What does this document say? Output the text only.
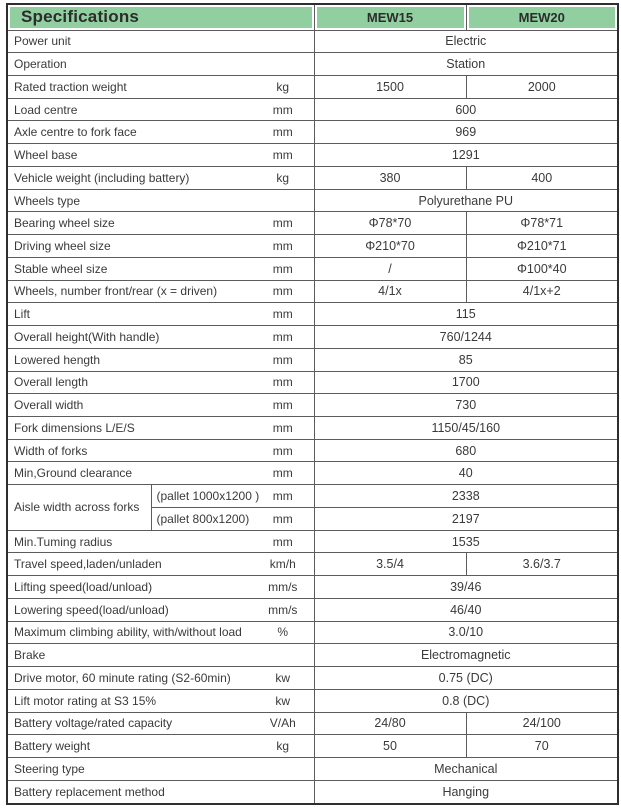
Specifications			MEW15	MEW20
Power unit			Electric	
Operation			Station	
Rated traction weight		kg	1500	2000
Load centre		mm	600	
Axle centre to fork face		mm	969	
Wheel base		mm	1291	
Vehicle weight (including battery)		kg	380	400
Wheels type			Polyurethane PU	
Bearing wheel size		mm	Φ78*70	Φ78*71
Driving wheel size		mm	Φ210*70	Φ210*71
Stable wheel size		mm	/	Φ100*40
Wheels, number front/rear (x = driven)		mm	4/1x	4/1x+2
Lift		mm	115	
Overall height(With handle)		mm	760/1244	
Lowered hength		mm	85	
Overall length		mm	1700	
Overall width		mm	730	
Fork dimensions L/E/S		mm	1150/45/160	
Width of forks		mm	680	
Min,Ground clearance		mm	40	
Aisle width across forks	(pallet 1000x1200 )	mm	2338	
	(pallet 800x1200)	mm	2197	
Min.Tuming radius		mm	1535	
Travel speed,laden/unladen		km/h	3.5/4	3.6/3.7
Lifting speed(load/unload)		mm/s	39/46	
Lowering speed(load/unload)		mm/s	46/40	
Maximum climbing ability, with/without load		%	3.0/10	
Brake			Electromagnetic	
Drive motor, 60 minute rating (S2-60min)		kw	0.75 (DC)	
Lift motor rating at S3 15%		kw	0.8 (DC)	
Battery voltage/rated capacity		V/Ah	24/80	24/100
Battery weight		kg	50	70
Steering type			Mechanical	
Battery replacement method			Hanging	
